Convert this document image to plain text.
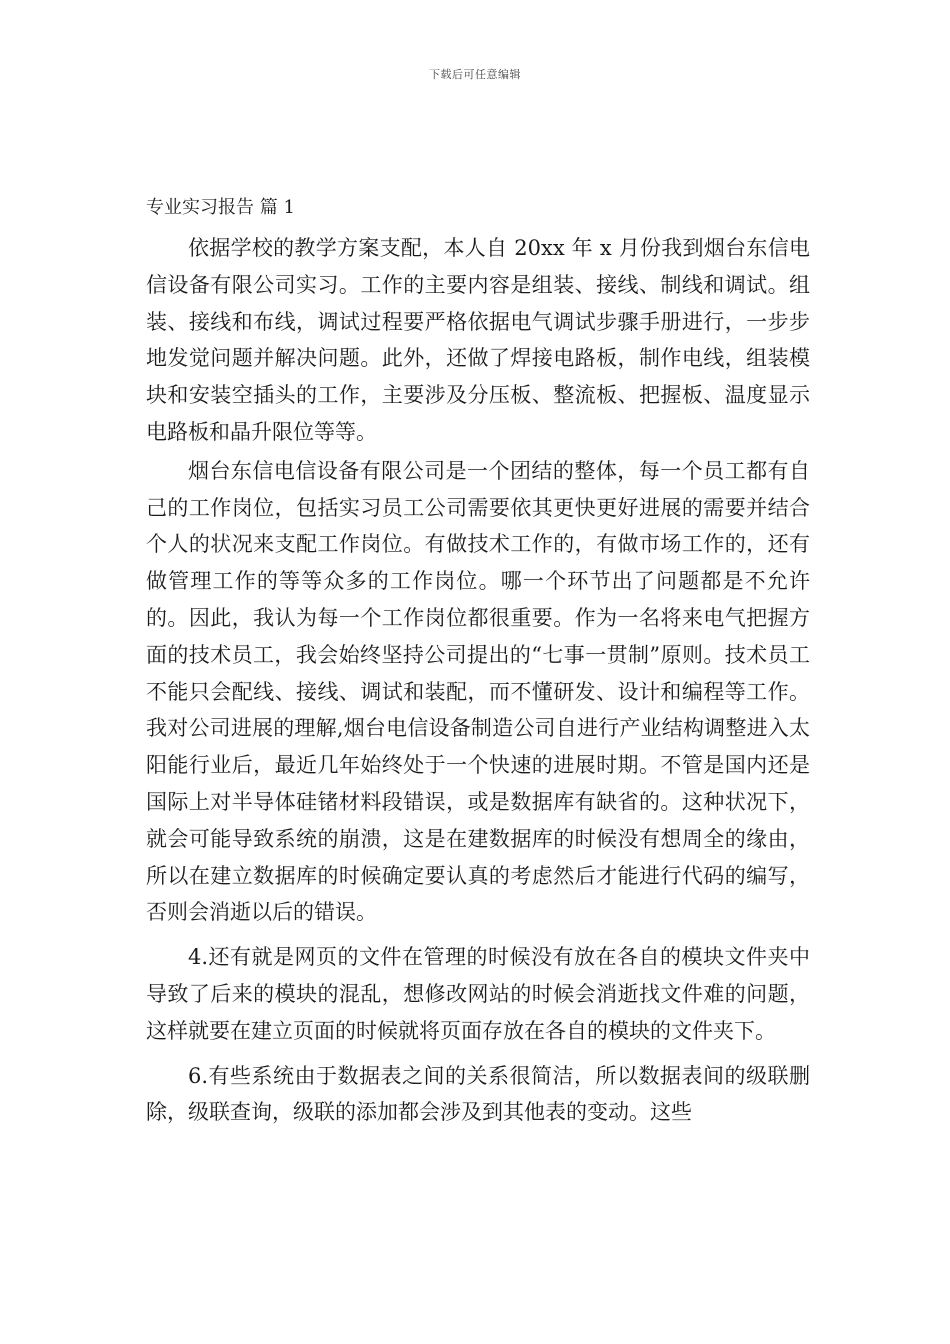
下载后可任意编辑
专业实习报告 篇 1

依据学校的教学方案支配，本人自 20xx 年 x 月份我到烟台东信电信设备有限公司实习。工作的主要内容是组装、接线、制线和调试。组装、接线和布线，调试过程要严格依据电气调试步骤手册进行，一步步地发觉问题并解决问题。此外，还做了焊接电路板，制作电线，组装模块和安装空插头的工作，主要涉及分压板、整流板、把握板、温度显示电路板和晶升限位等等。

烟台东信电信设备有限公司是一个团结的整体，每一个员工都有自己的工作岗位，包括实习员工公司需要依其更快更好进展的需要并结合个人的状况来支配工作岗位。有做技术工作的，有做市场工作的，还有做管理工作的等等众多的工作岗位。哪一个环节出了问题都是不允许的。因此，我认为每一个工作岗位都很重要。作为一名将来电气把握方面的技术员工，我会始终坚持公司提出的“七事一贯制”原则。技术员工不能只会配线、接线、调试和装配，而不懂研发、设计和编程等工作。我对公司进展的理解,烟台电信设备制造公司自进行产业结构调整进入太阳能行业后，最近几年始终处于一个快速的进展时期。不管是国内还是国际上对半导体硅锗材料段错误，或是数据库有缺省的。这种状况下，就会可能导致系统的崩溃，这是在建数据库的时候没有想周全的缘由，所以在建立数据库的时候确定要认真的考虑然后才能进行代码的编写，否则会消逝以后的错误。

4.还有就是网页的文件在管理的时候没有放在各自的模块文件夹中导致了后来的模块的混乱，想修改网站的时候会消逝找文件难的问题，这样就要在建立页面的时候就将页面存放在各自的模块的文件夹下。

6.有些系统由于数据表之间的关系很简洁，所以数据表间的级联删除，级联查询，级联的添加都会涉及到其他表的变动。这些
